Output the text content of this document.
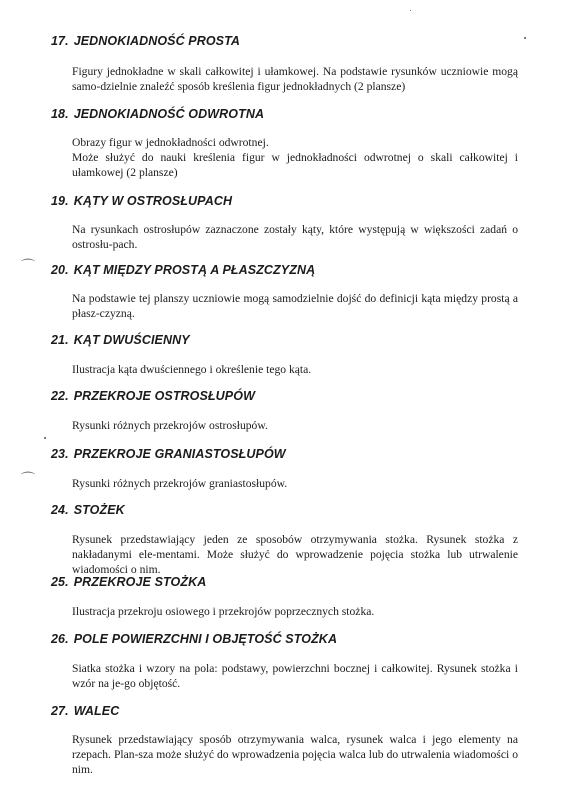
17. JEDNOKIADNOŚĆ PROSTA

Figury jednokładne w skali całkowitej i ułamkowej. Na podstawie rysunków uczniowie mogą samo-dzielnie znaleźć sposób kreślenia figur jednokładnych (2 plansze)

18. JEDNOKIADNOŚĆ ODWROTNA

Obrazy figur w jednokładności odwrotnej.

Może służyć do nauki kreślenia figur w jednokładności odwrotnej o skali całkowitej i ułamkowej (2 plansze)

19. KĄTY W OSTROSŁUPACH

Na rysunkach ostrosłupów zaznaczone zostały kąty, które występują w większości zadań o ostrosłu-pach.

⌒ 20. KĄT MIĘDZY PROSTĄ A PŁASZCZYZNĄ

Na podstawie tej planszy uczniowie mogą samodzielnie dojść do definicji kąta między prostą a płasz-czyzną.

21. KĄT DWUŚCIENNY

Ilustracja kąta dwuściennego i określenie tego kąta.

22. PRZEKROJE OSTROSŁUPÓW

Rysunki różnych przekrojów ostrosłupów.

23. PRZEKROJE GRANIASTOSŁUPÓW
⌒	Rysunki różnych przekrojów graniastosłupów.

24. STOŻEK

Rysunek przedstawiający jeden ze sposobów otrzymywania stożka. Rysunek stożka z nakładanymi ele-mentami. Może służyć do wprowadzenie pojęcia stożka lub utrwalenie wiadomości o nim.

25. PRZEKROJE STOŻKA

Ilustracja przekroju osiowego i przekrojów poprzecznych stożka.

26. POLE POWIERZCHNI I OBJĘTOŚĆ STOŻKA

Siatka stożka i wzory na pola: podstawy, powierzchni bocznej i całkowitej. Rysunek stożka i wzór na je-go objętość.

27. WALEC

Rysunek przedstawiający sposób otrzymywania walca, rysunek walca i jego elementy na rzepach. Plan-sza może służyć do wprowadzenia pojęcia walca lub do utrwalenia wiadomości o nim.
